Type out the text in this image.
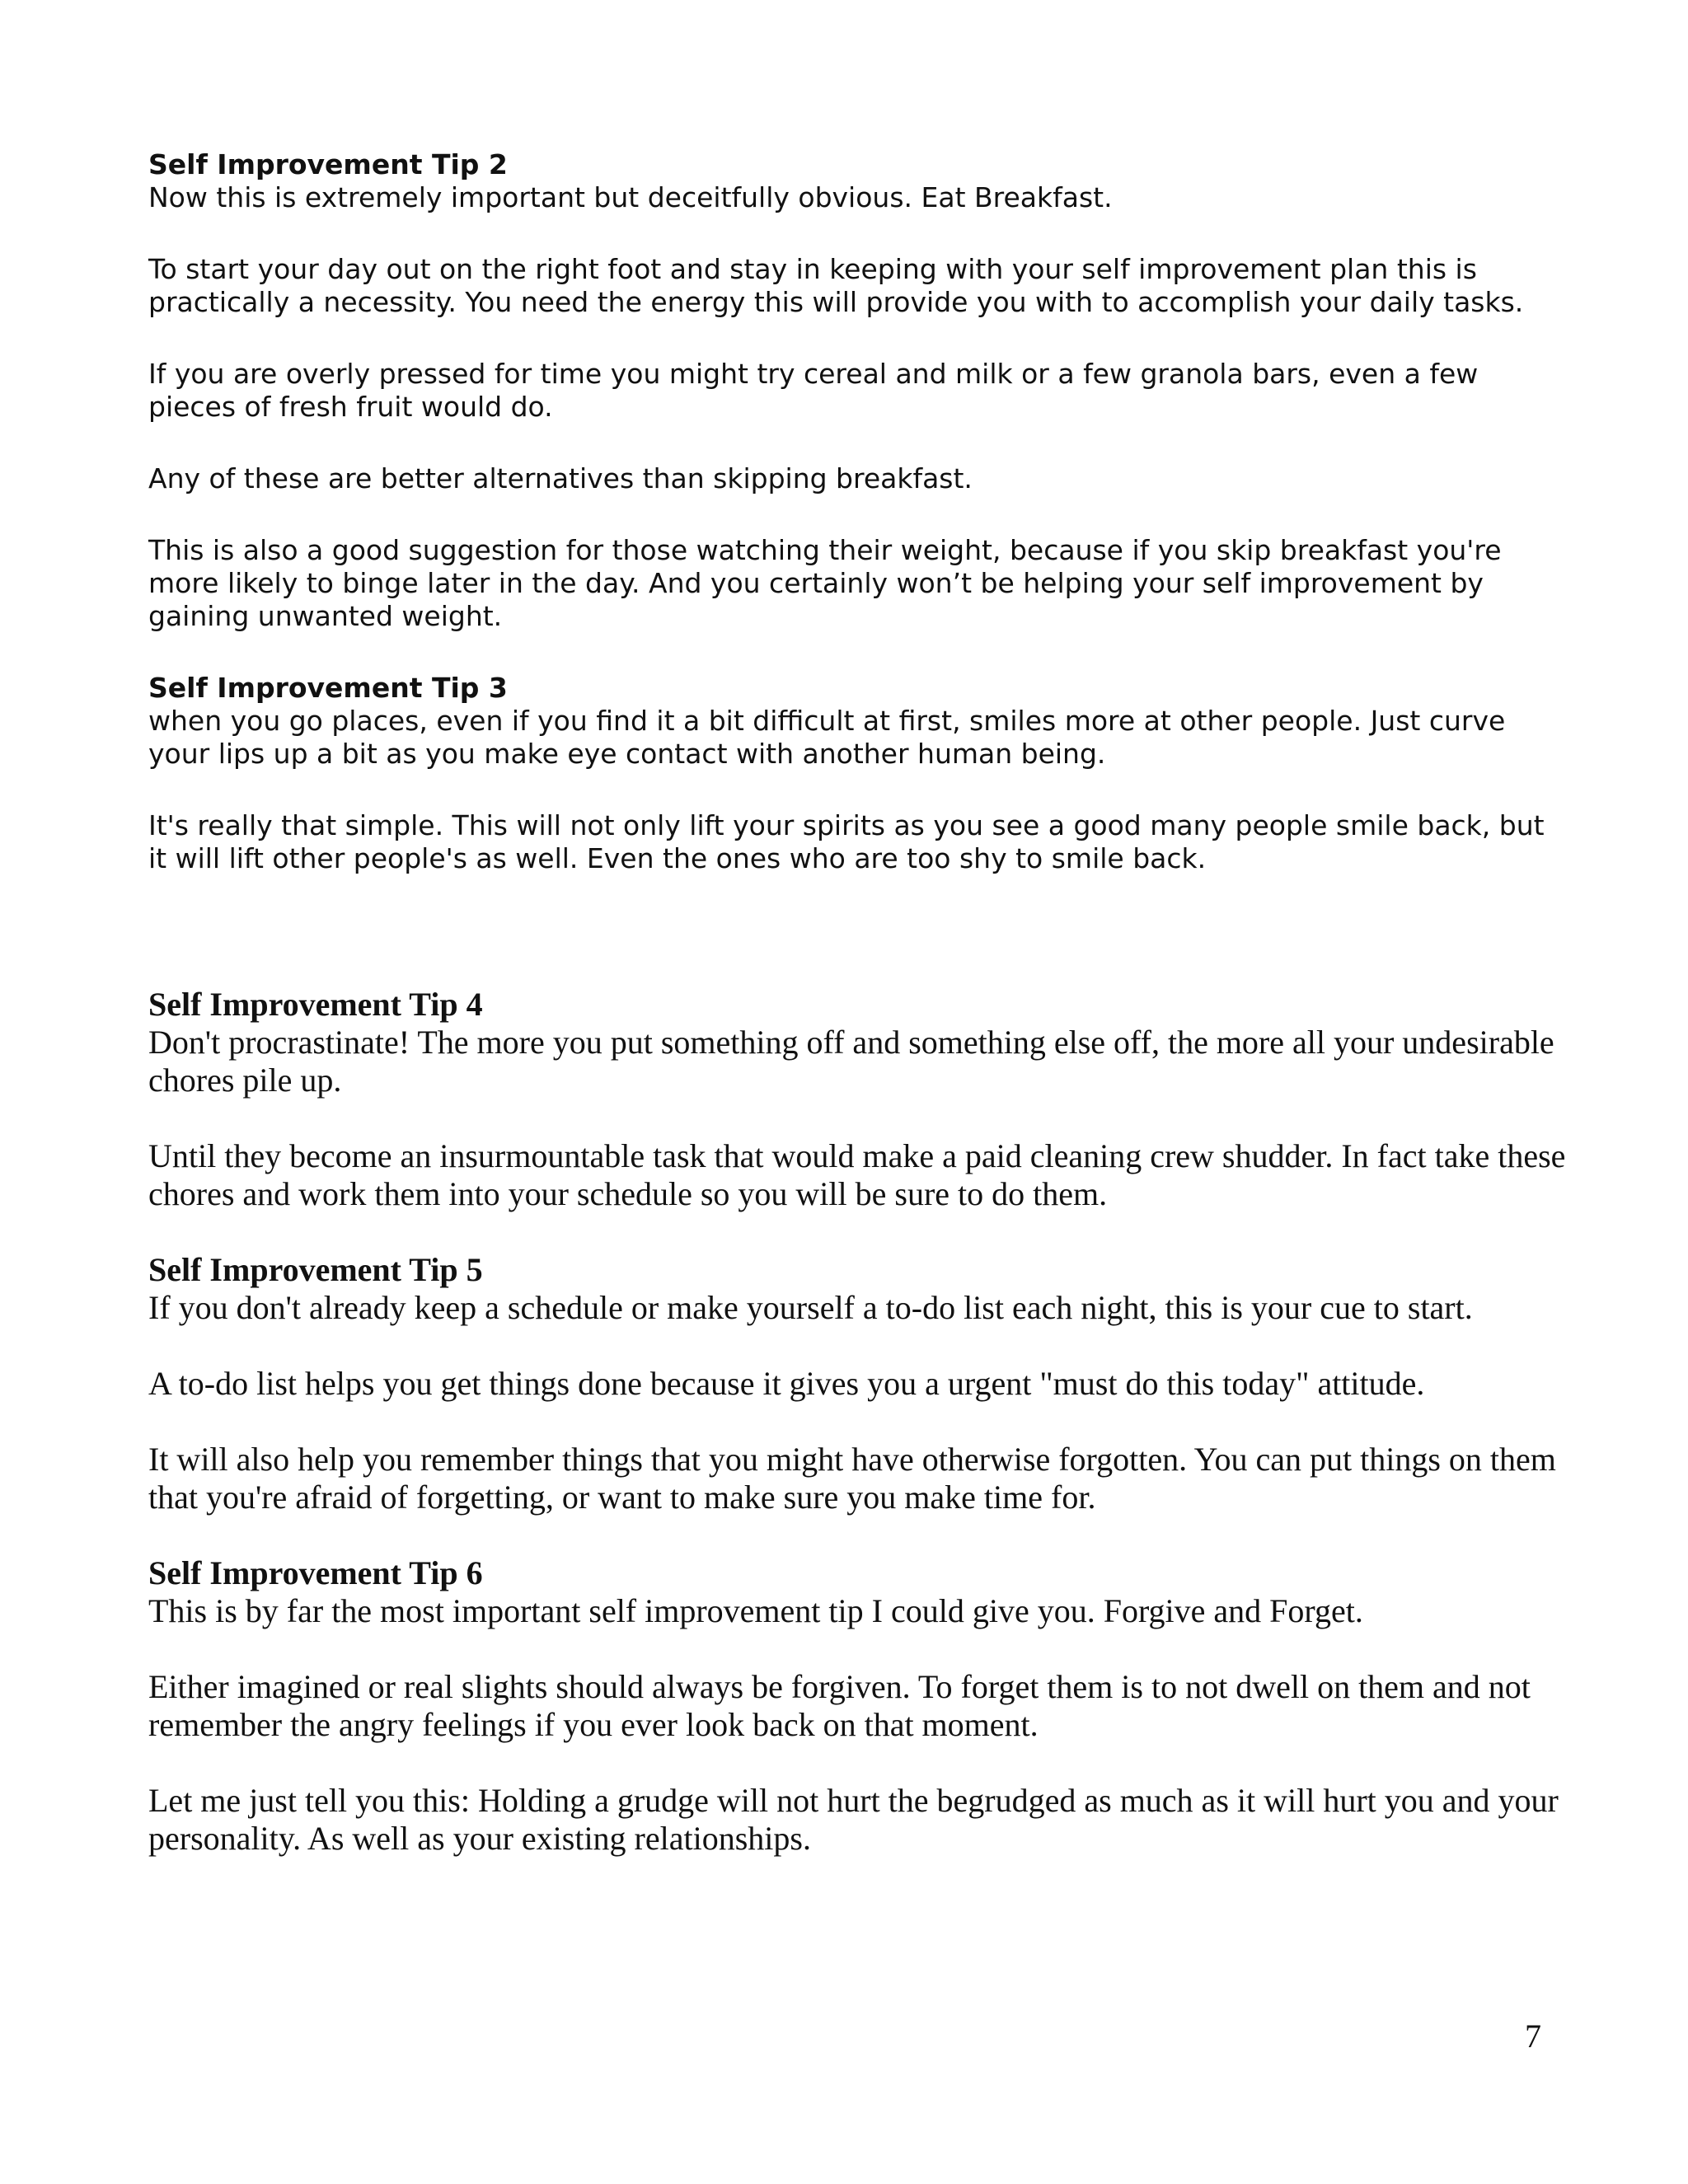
Self Improvement Tip 2

Now this is extremely important but deceitfully obvious. Eat Breakfast.

To start your day out on the right foot and stay in keeping with your self improvement plan this is practically a necessity. You need the energy this will provide you with to accomplish your daily tasks.

If you are overly pressed for time you might try cereal and milk or a few granola bars, even a few pieces of fresh fruit would do.

Any of these are better alternatives than skipping breakfast.

This is also a good suggestion for those watching their weight, because if you skip breakfast you're more likely to binge later in the day. And you certainly won’t be helping your self improvement by gaining unwanted weight.

Self Improvement Tip 3

when you go places, even if you find it a bit difficult at first, smiles more at other people. Just curve your lips up a bit as you make eye contact with another human being.

It's really that simple. This will not only lift your spirits as you see a good many people smile back, but it will lift other people's as well. Even the ones who are too shy to smile back.

Self Improvement Tip 4

Don't procrastinate! The more you put something off and something else off, the more all your undesirable chores pile up.

Until they become an insurmountable task that would make a paid cleaning crew shudder. In fact take these chores and work them into your schedule so you will be sure to do them.

Self Improvement Tip 5

If you don't already keep a schedule or make yourself a to-do list each night, this is your cue to start.

A to-do list helps you get things done because it gives you a urgent "must do this today" attitude.

It will also help you remember things that you might have otherwise forgotten. You can put things on them that you're afraid of forgetting, or want to make sure you make time for.

Self Improvement Tip 6

This is by far the most important self improvement tip I could give you. Forgive and Forget.

Either imagined or real slights should always be forgiven. To forget them is to not dwell on them and not remember the angry feelings if you ever look back on that moment.

Let me just tell you this: Holding a grudge will not hurt the begrudged as much as it will hurt you and your personality. As well as your existing relationships.

7
